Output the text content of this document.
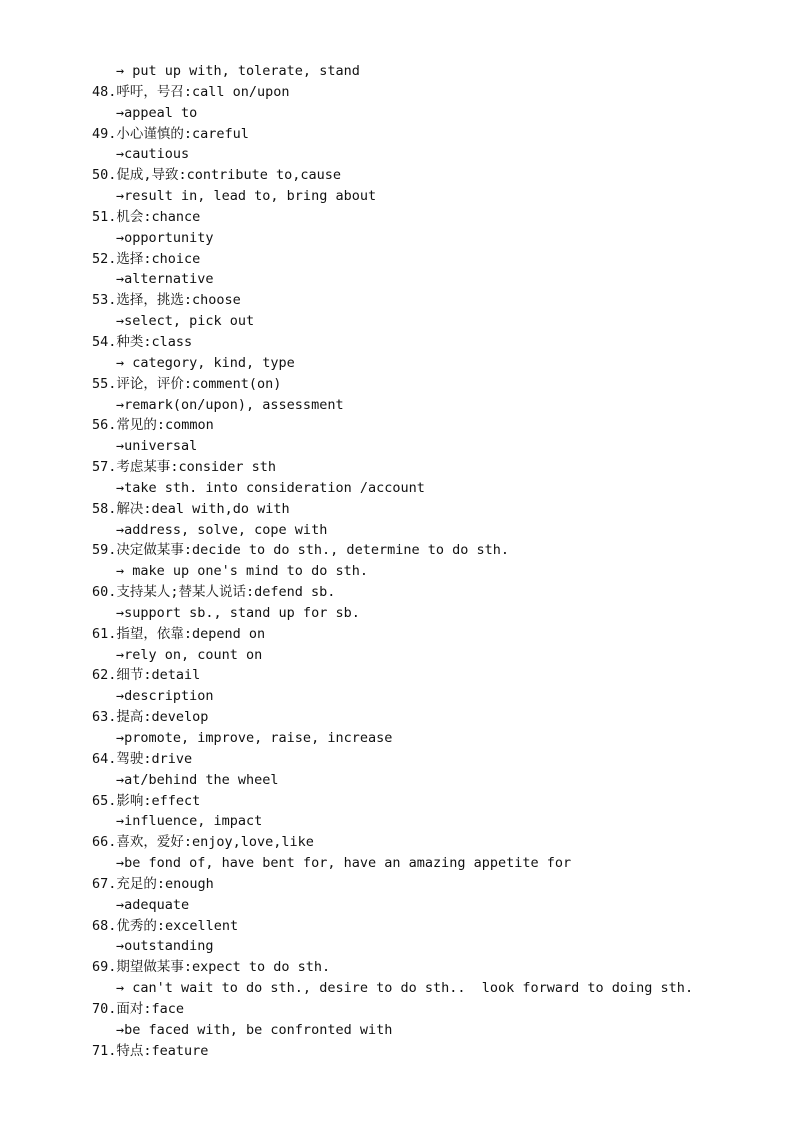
→ put up with, tolerate, stand
48.呼吁，号召:call on/upon
→appeal to
49.小心谨慎的:careful
→cautious
50.促成,导致:contribute to,cause
→result in, lead to, bring about
51.机会:chance
→opportunity
52.选择:choice
→alternative
53.选择，挑选:choose
→select, pick out
54.种类:class
→ category, kind, type
55.评论，评价:comment(on)
→remark(on/upon), assessment
56.常见的:common
→universal
57.考虑某事:consider sth
→take sth. into consideration /account
58.解决:deal with,do with
→address, solve, cope with
59.决定做某事:decide to do sth., determine to do sth.
→ make up one's mind to do sth.
60.支持某人;替某人说话:defend sb.
→support sb., stand up for sb.
61.指望，依靠:depend on
→rely on, count on
62.细节:detail
→description
63.提高:develop
→promote, improve, raise, increase
64.驾驶:drive
→at/behind the wheel
65.影响:effect
→influence, impact
66.喜欢，爱好:enjoy,love,like
→be fond of, have bent for, have an amazing appetite for
67.充足的:enough
→adequate
68.优秀的:excellent
→outstanding
69.期望做某事:expect to do sth.
→ can't wait to do sth., desire to do sth..  look forward to doing sth.
70.面对:face
→be faced with, be confronted with
71.特点:feature
